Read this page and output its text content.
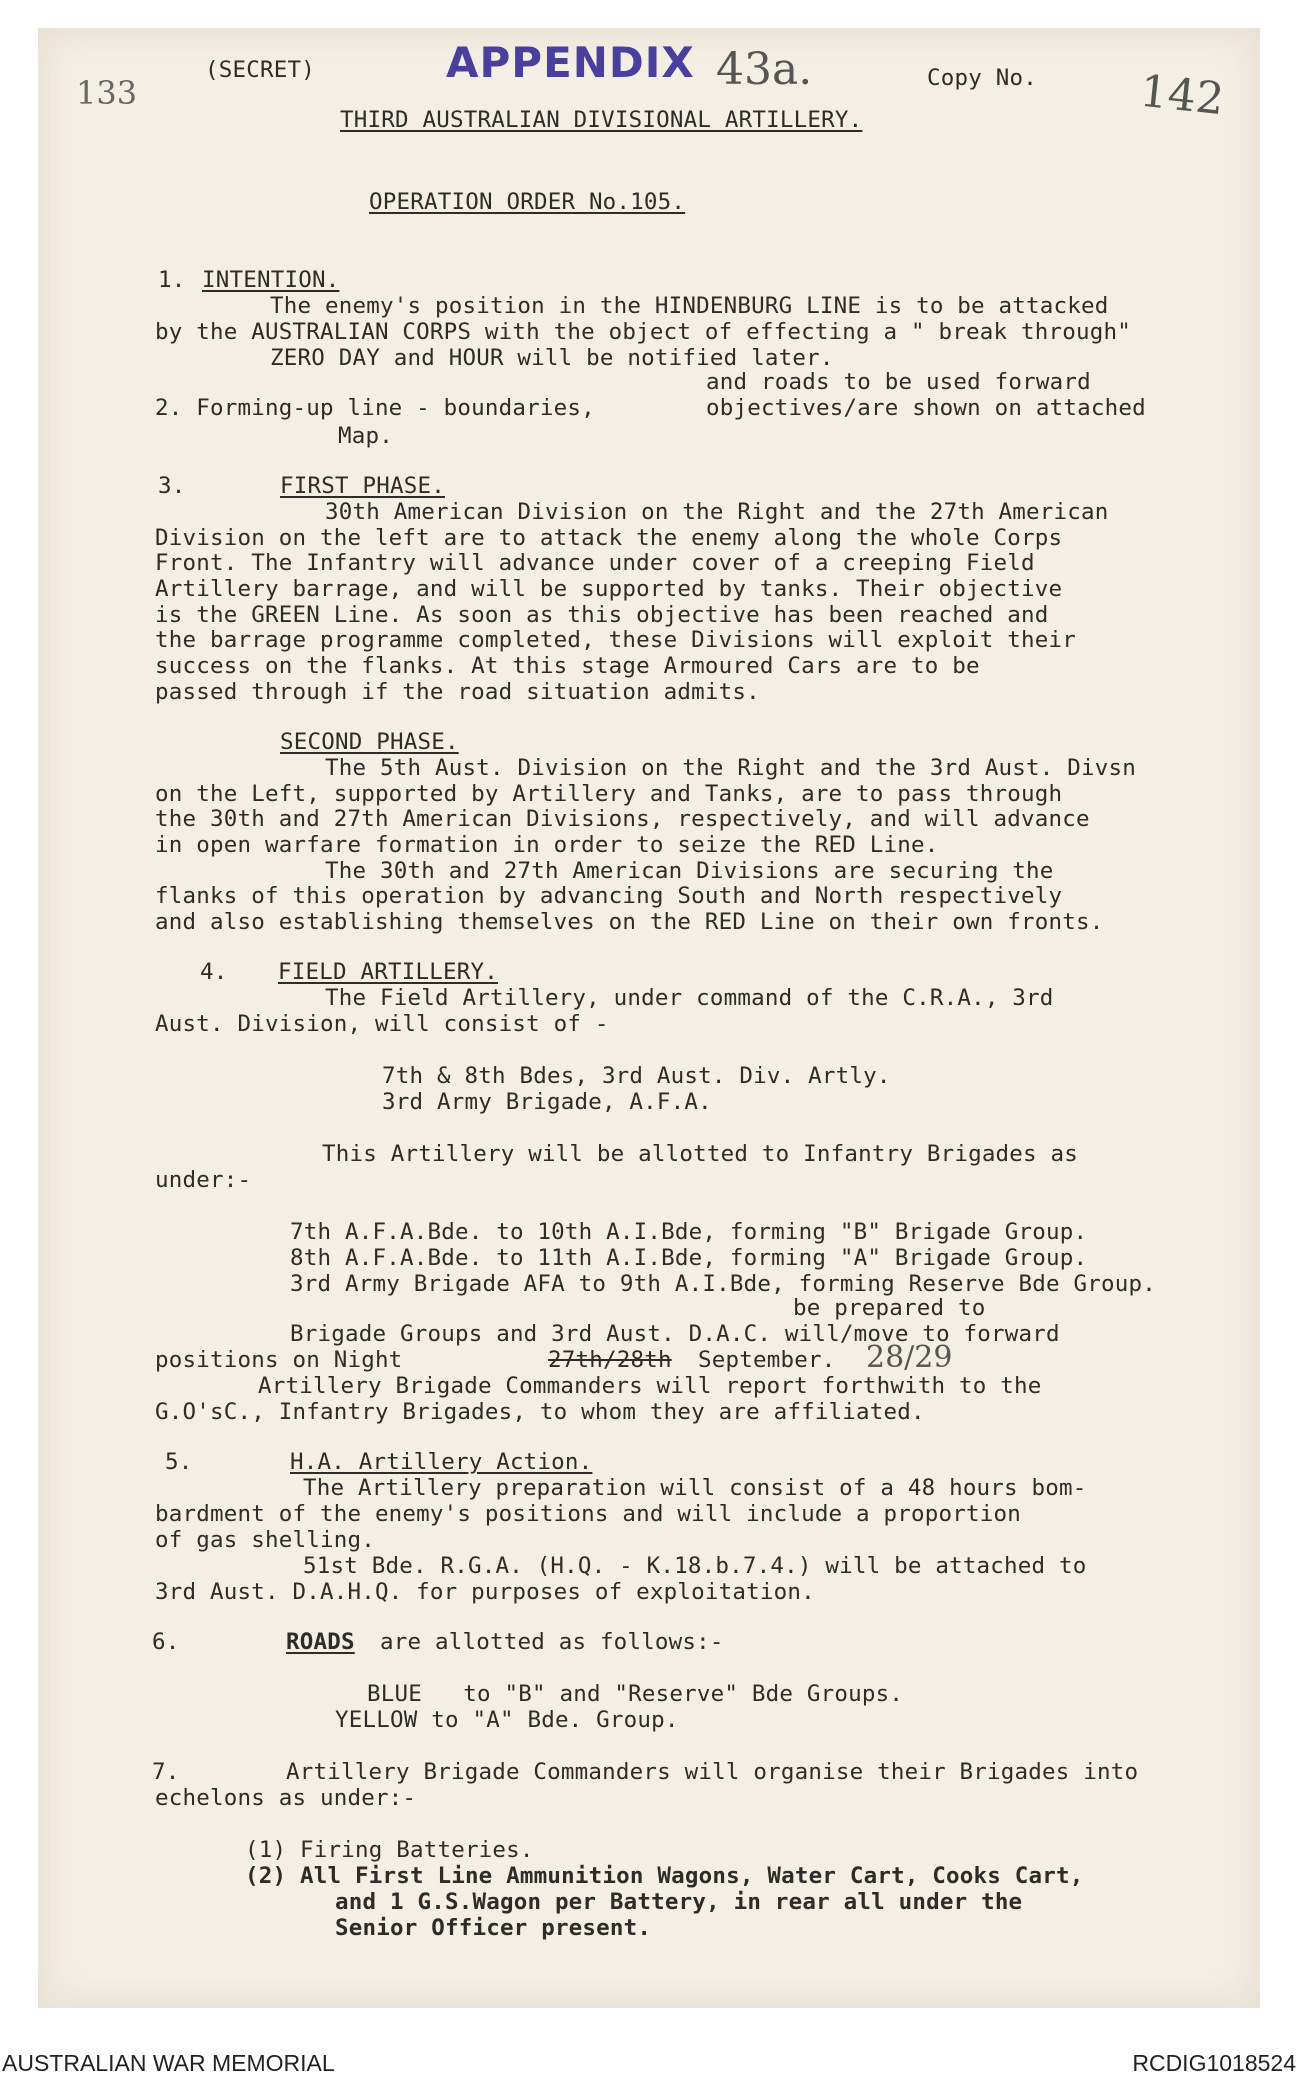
133
APPENDIX 43a.	142
(SECRET)	Copy No.
THIRD AUSTRALIAN DIVISIONAL ARTILLERY.
OPERATION ORDER No.105.
1. INTENTION.
The enemy's position in the HINDENBURG LINE is to be attacked
by the AUSTRALIAN CORPS with the object of effecting a " break through"
ZERO DAY and HOUR will be notified later.
and roads to be used forward
2. Forming-up line - boundaries,	objectives/are shown on attached
Map.
3.	FIRST PHASE.
30th American Division on the Right and the 27th American
Division on the left are to attack the enemy along the whole Corps
Front. The Infantry will advance under cover of a creeping Field
Artillery barrage, and will be supported by tanks. Their objective
is the GREEN Line. As soon as this objective has been reached and
the barrage programme completed, these Divisions will exploit their
success on the flanks. At this stage Armoured Cars are to be
passed through if the road situation admits.
SECOND PHASE.
The 5th Aust. Division on the Right and the 3rd Aust. Divsn
on the Left, supported by Artillery and Tanks, are to pass through
the 30th and 27th American Divisions, respectively, and will advance
in open warfare formation in order to seize the RED Line.
The 30th and 27th American Divisions are securing the
flanks of this operation by advancing South and North respectively
and also establishing themselves on the RED Line on their own fronts.
4. FIELD ARTILLERY.
The Field Artillery, under command of the C.R.A., 3rd
Aust. Division, will consist of -
7th & 8th Bdes, 3rd Aust. Div. Artly.
3rd Army Brigade, A.F.A.
This Artillery will be allotted to Infantry Brigades as
under:-
7th A.F.A.Bde. to 10th A.I.Bde, forming "B" Brigade Group.
8th A.F.A.Bde. to 11th A.I.Bde, forming "A" Brigade Group.
3rd Army Brigade AFA to 9th A.I.Bde, forming Reserve Bde Group.
be prepared to
Brigade Groups and 3rd Aust. D.A.C. will/move to forward
positions on Night	27th/28th September. 28/29
Artillery Brigade Commanders will report forthwith to the
G.O'sC., Infantry Brigades, to whom they are affiliated.
5.	H.A. Artillery Action.
The Artillery preparation will consist of a 48 hours bom-
bardment of the enemy's positions and will include a proportion
of gas shelling.
51st Bde. R.G.A. (H.Q. - K.18.b.7.4.) will be attached to
3rd Aust. D.A.H.Q. for purposes of exploitation.
6.	ROADS are allotted as follows:-
BLUE   to "B" and "Reserve" Bde Groups.
YELLOW to "A" Bde. Group.
7.	Artillery Brigade Commanders will organise their Brigades into
echelons as under:-
(1) Firing Batteries.
(2) All First Line Ammunition Wagons, Water Cart, Cooks Cart,
and 1 G.S.Wagon per Battery, in rear all under the
Senior Officer present.
AUSTRALIAN WAR MEMORIAL	RCDIG1018524
